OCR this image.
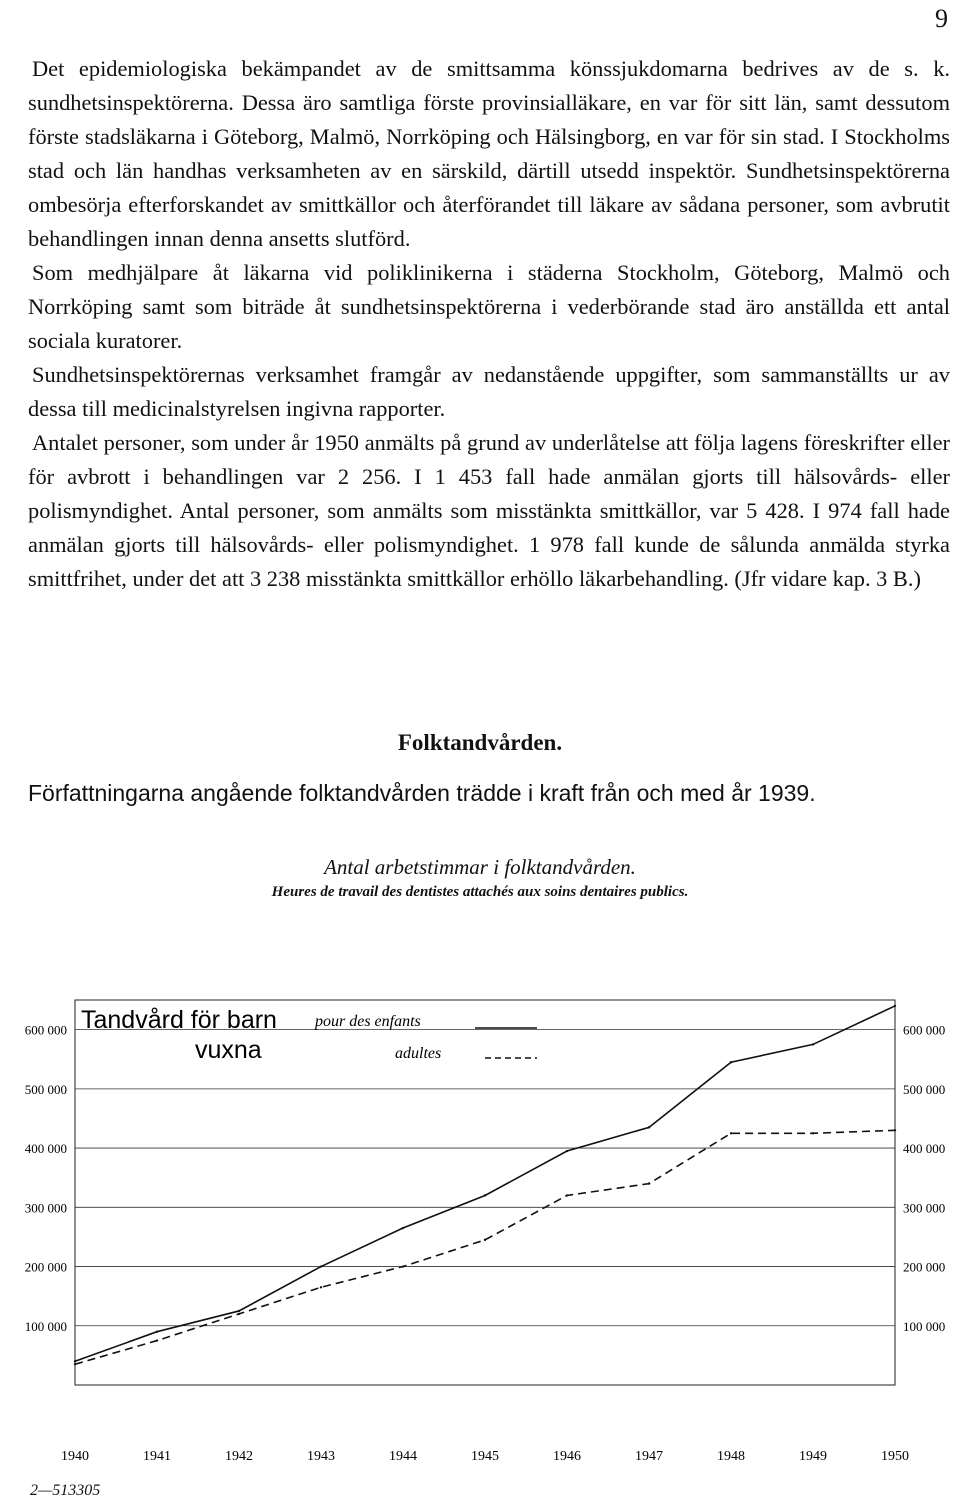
9

Det epidemiologiska bekämpandet av de smittsamma könssjukdomarna bedrives av de s. k. sundhetsinspektörerna. Dessa äro samtliga förste provinsialläkare, en var för sitt län, samt dessutom förste stadsläkarna i Göteborg, Malmö, Norrköping och Hälsingborg, en var för sin stad. I Stockholms stad och län handhas verksamheten av en särskild, därtill utsedd inspektör. Sundhetsinspektörerna ombesörja efterforskandet av smittkällor och återförandet till läkare av sådana personer, som avbrutit behandlingen innan denna ansetts slutförd.

Som medhjälpare åt läkarna vid poliklinikerna i städerna Stockholm, Göteborg, Malmö och Norrköping samt som biträde åt sundhetsinspektörerna i vederbörande stad äro anställda ett antal sociala kuratorer.

Sundhetsinspektörernas verksamhet framgår av nedanstående uppgifter, som sammanställts ur av dessa till medicinalstyrelsen ingivna rapporter.

Antalet personer, som under år 1950 anmälts på grund av underlåtelse att följa lagens föreskrifter eller för avbrott i behandlingen var 2 256. I 1 453 fall hade anmälan gjorts till hälsovårds- eller polismyndighet. Antal personer, som anmälts som misstänkta smittkällor, var 5 428. I 974 fall hade anmälan gjorts till hälsovårds- eller polismyndighet. 1 978 fall kunde de sålunda anmälda styrka smittfrihet, under det att 3 238 misstänkta smittkällor erhöllo läkarbehandling. (Jfr vidare kap. 3 B.)

Folktandvården.
Författningarna angående folktandvården trädde i kraft från och med år 1939.
Antal arbetstimmar i folktandvården.
Heures de travail des dentistes attachés aux soins dentaires publics.
100 000	100 000
200 000	200 000
300 000	300 000
400 000	400 000
500 000	500 000
600 000	600 000
1940	1941	1942	1943	1944	1945	1946	1947	1948	1949	1950
Tandvård för barn pour des enfants
vuxna	adultes
2—513305
